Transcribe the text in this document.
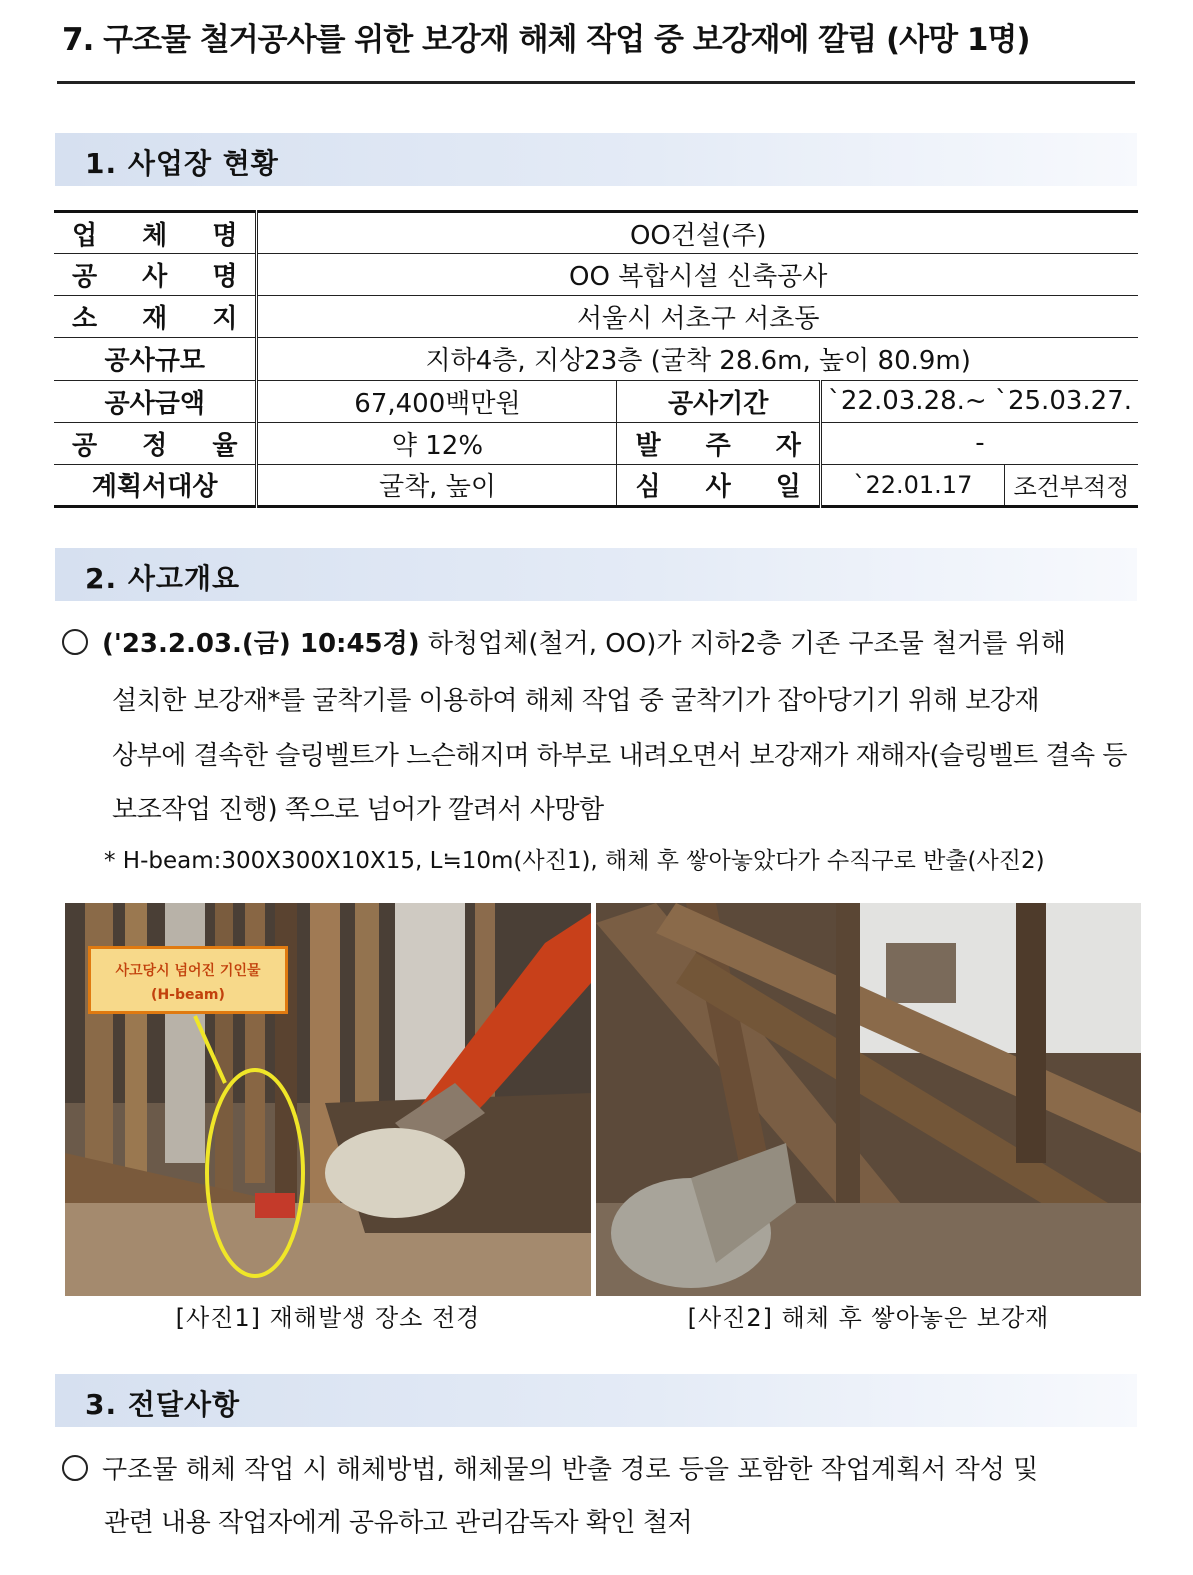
7. 구조물 철거공사를 위한 보강재 해체 작업 중 보강재에 깔림 (사망 1명)
1. 사업장 현황
업 체 명	OO건설(주)			
공 사 명	OO 복합시설 신축공사			
소 재 지	서울시 서초구 서초동			
공사규모	지하4층, 지상23층 (굴착 28.6m, 높이 80.9m)			
공사금액	67,400백만원	공사기간	`22.03.28.~ `25.03.27.	
공 정 율	약 12%	발 주 자	-	
계획서대상	굴착, 높이	심 사 일	`22.01.17	조건부적정
2. 사고개요
('23.2.03.(금) 10:45경) 하청업체(철거, OO)가 지하2층 기존 구조물 철거를 위해
설치한 보강재*를 굴착기를 이용하여 해체 작업 중 굴착기가 잡아당기기 위해 보강재
상부에 결속한 슬링벨트가 느슨해지며 하부로 내려오면서 보강재가 재해자(슬링벨트 결속 등
보조작업 진행) 쪽으로 넘어가 깔려서 사망함
* H-beam:300X300X10X15, L≒10m(사진1), 해체 후 쌓아놓았다가 수직구로 반출(사진2)
사고당시 넘어진 기인물
(H-beam)
[사진1] 재해발생 장소 전경	[사진2] 해체 후 쌓아놓은 보강재
3. 전달사항
구조물 해체 작업 시 해체방법, 해체물의 반출 경로 등을 포함한 작업계획서 작성 및
관련 내용 작업자에게 공유하고 관리감독자 확인 철저
